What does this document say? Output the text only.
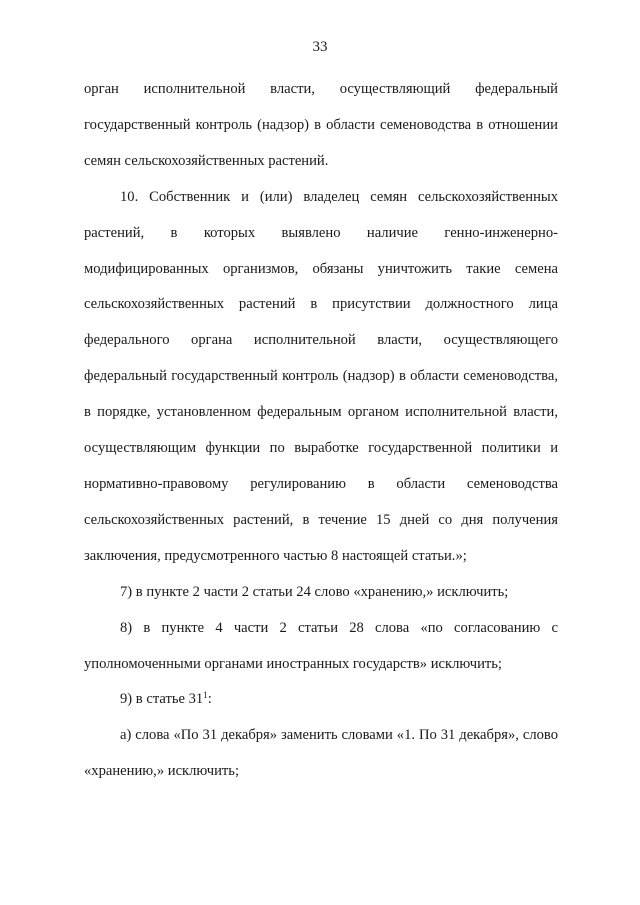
33

орган исполнительной власти, осуществляющий федеральный государственный контроль (надзор) в области семеноводства в отношении семян сельскохозяйственных растений.

10. Собственник и (или) владелец семян сельскохозяйственных растений, в которых выявлено наличие генно-инженерно-модифицированных организмов, обязаны уничтожить такие семена сельскохозяйственных растений в присутствии должностного лица федерального органа исполнительной власти, осуществляющего федеральный государственный контроль (надзор) в области семеноводства, в порядке, установленном федеральным органом исполнительной власти, осуществляющим функции по выработке государственной политики и нормативно-правовому регулированию в области семеноводства сельскохозяйственных растений, в течение 15 дней со дня получения заключения, предусмотренного частью 8 настоящей статьи.»;

7) в пункте 2 части 2 статьи 24 слово «хранению,» исключить;

8) в пункте 4 части 2 статьи 28 слова «по согласованию с уполномоченными органами иностранных государств» исключить;

9) в статье 31$^1$:

а) слова «По 31 декабря» заменить словами «1. По 31 декабря», слово «хранению,» исключить;
